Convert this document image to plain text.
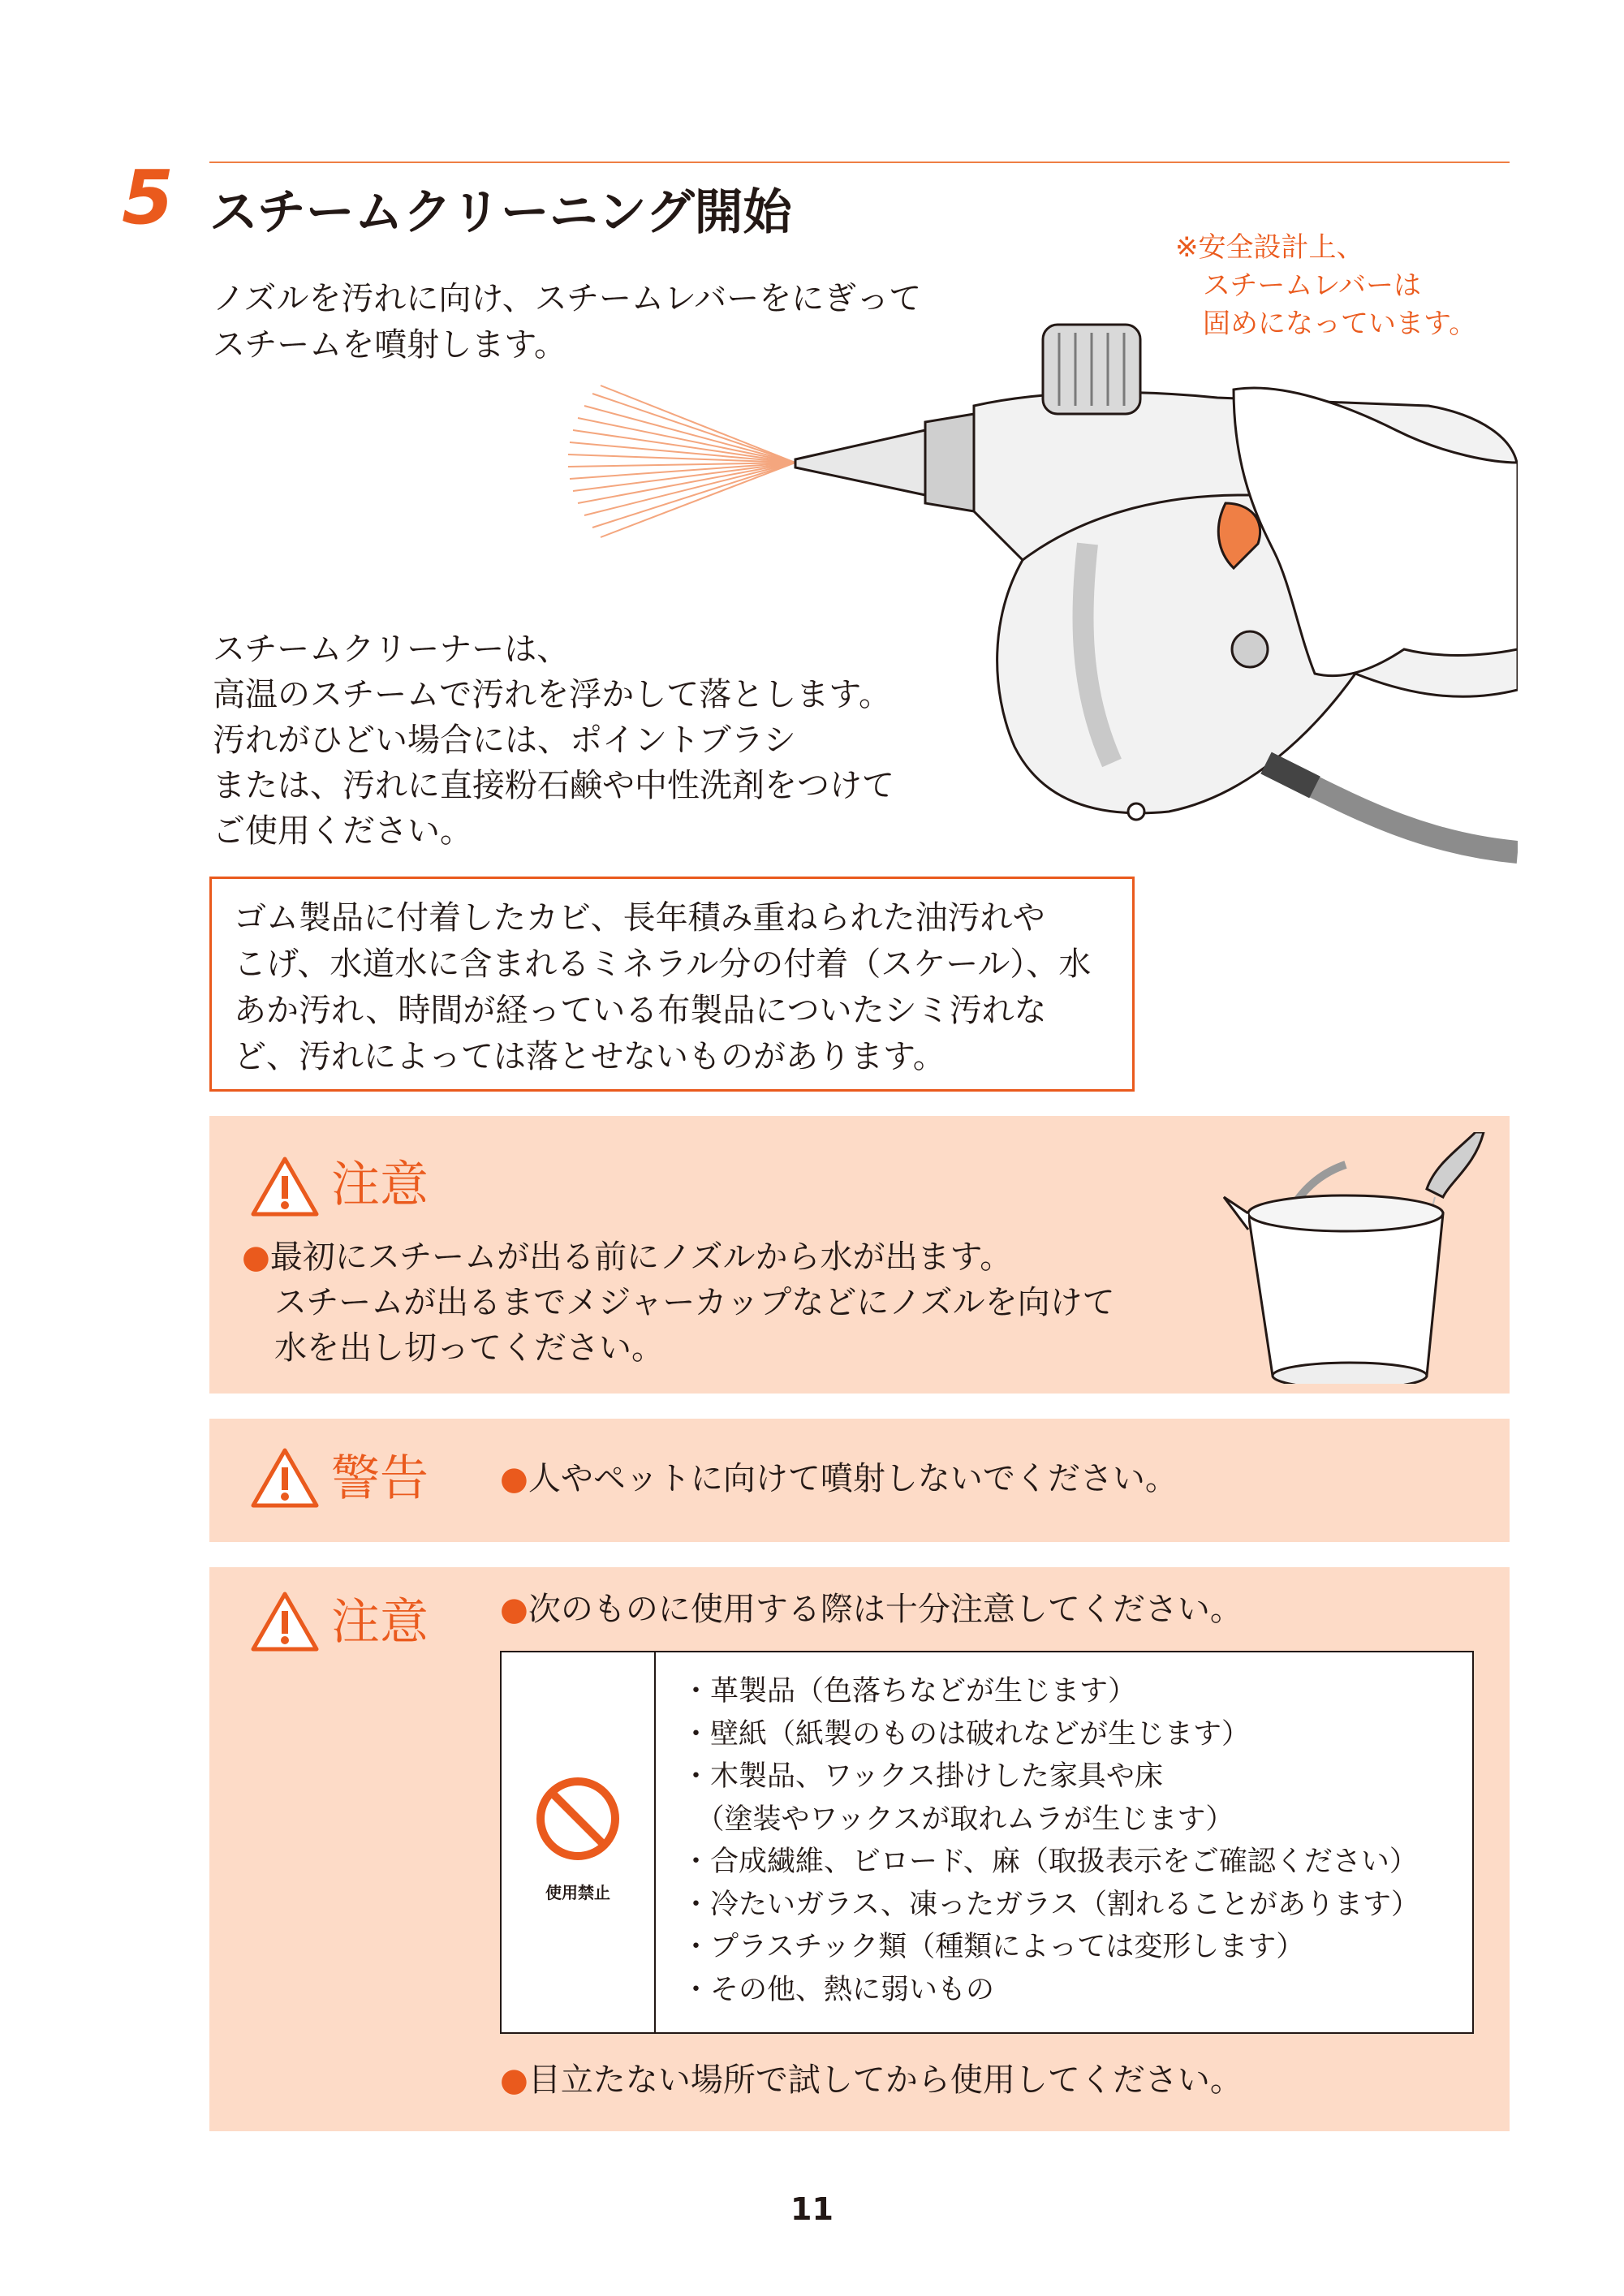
5 スチームクリーニング開始
ノズルを汚れに向け、スチームレバーをにぎって
スチームを噴射します。
※安全設計上、
スチームレバーは
固めになっています。
スチームクリーナーは、
高温のスチームで汚れを浮かして落とします。
汚れがひどい場合には、ポイントブラシ
または、汚れに直接粉石鹸や中性洗剤をつけて
ご使用ください。
ゴム製品に付着したカビ、長年積み重ねられた油汚れや
こげ、水道水に含まれるミネラル分の付着（スケール）、水
あか汚れ、時間が経っている布製品についたシミ汚れな
ど、汚れによっては落とせないものがあります。
注意
●最初にスチームが出る前にノズルから水が出ます。
スチームが出るまでメジャーカップなどにノズルを向けて
水を出し切ってください。
警告 ●人やペットに向けて噴射しないでください。
注意 ●次のものに使用する際は十分注意してください。
●目立たない場所で試してから使用してください。
使用禁止
・革製品（色落ちなどが生じます）
・壁紙（紙製のものは破れなどが生じます）
・木製品、ワックス掛けした家具や床
　（塗装やワックスが取れムラが生じます）
・合成繊維、ビロード、麻（取扱表示をご確認ください）
・冷たいガラス、凍ったガラス（割れることがあります）
・プラスチック類（種類によっては変形します）
・その他、熱に弱いもの
11
